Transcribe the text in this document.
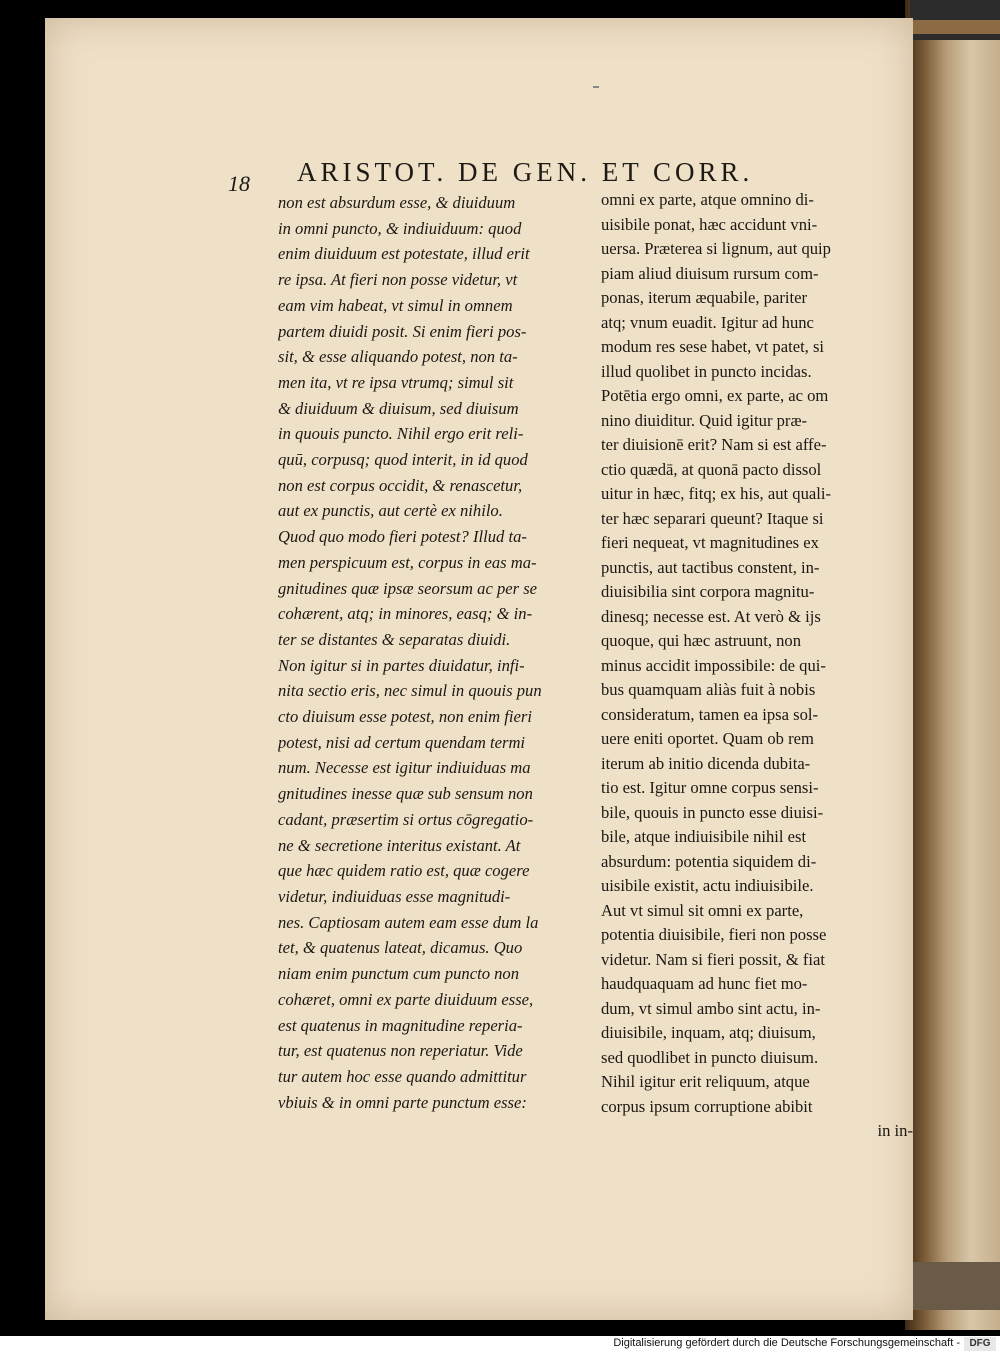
18	ARISTOT. DE GEN. ET CORR.
non est absurdum esse, & diuiduum
in omni puncto, & indiuiduum: quod
enim diuiduum est potestate, illud erit
re ipsa. At fieri non posse videtur, vt
eam vim habeat, vt simul in omnem
partem diuidi posit. Si enim fieri pos-
sit, & esse aliquando potest, non ta-
men ita, vt re ipsa vtrumq; simul sit
& diuiduum & diuisum, sed diuisum
in quouis puncto. Nihil ergo erit reli-
quū, corpusq; quod interit, in id quod
non est corpus occidit, & renascetur,
aut ex punctis, aut certè ex nihilo.
Quod quo modo fieri potest? Illud ta-
men perspicuum est, corpus in eas ma-
gnitudines quæ ipsæ seorsum ac per se
cohærent, atq; in minores, easq; & in-
ter se distantes & separatas diuidi.
Non igitur si in partes diuidatur, infi-
nita sectio eris, nec simul in quouis pun
cto diuisum esse potest, non enim fieri
potest, nisi ad certum quendam termi
num. Necesse est igitur indiuiduas ma
gnitudines inesse quæ sub sensum non
cadant, præsertim si ortus cōgregatio-
ne & secretione interitus existant. At
que hæc quidem ratio est, quæ cogere
videtur, indiuiduas esse magnitudi-
nes. Captiosam autem eam esse dum la
tet, & quatenus lateat, dicamus. Quo
niam enim punctum cum puncto non
cohæret, omni ex parte diuiduum esse,
est quatenus in magnitudine reperia-
tur, est quatenus non reperiatur. Vide
tur autem hoc esse quando admittitur
vbiuis & in omni parte punctum esse:
omni ex parte, atque omnino di-
uisibile ponat, hæc accidunt vni-
uersa. Præterea si lignum, aut quip
piam aliud diuisum rursum com-
ponas, iterum æquabile, pariter
atq; vnum euadit. Igitur ad hunc
modum res sese habet, vt patet, si
illud quolibet in puncto incidas.
Potētia ergo omni, ex parte, ac om
nino diuiditur. Quid igitur præ-
ter diuisionē erit? Nam si est affe-
ctio quædā, at quonā pacto dissol
uitur in hæc, fitq; ex his, aut quali-
ter hæc separari queunt? Itaque si
fieri nequeat, vt magnitudines ex
punctis, aut tactibus constent, in-
diuisibilia sint corpora magnitu-
dinesq; necesse est. At verò & ijs
quoque, qui hæc astruunt, non
minus accidit impossibile: de qui-
bus quamquam aliàs fuit à nobis
consideratum, tamen ea ipsa sol-
uere eniti oportet. Quam ob rem
iterum ab initio dicenda dubita-
tio est. Igitur omne corpus sensi-
bile, quouis in puncto esse diuisi-
bile, atque indiuisibile nihil est
absurdum: potentia siquidem di-
uisibile existit, actu indiuisibile.
Aut vt simul sit omni ex parte,
potentia diuisibile, fieri non posse
videtur. Nam si fieri possit, & fiat
haudquaquam ad hunc fiet mo-
dum, vt simul ambo sint actu, in-
diuisibile, inquam, atq; diuisum,
sed quodlibet in puncto diuisum.
Nihil igitur erit reliquum, atque
corpus ipsum corruptione abibit
in in-
Digitalisierung gefördert durch die Deutsche Forschungsgemeinschaft - DFG
